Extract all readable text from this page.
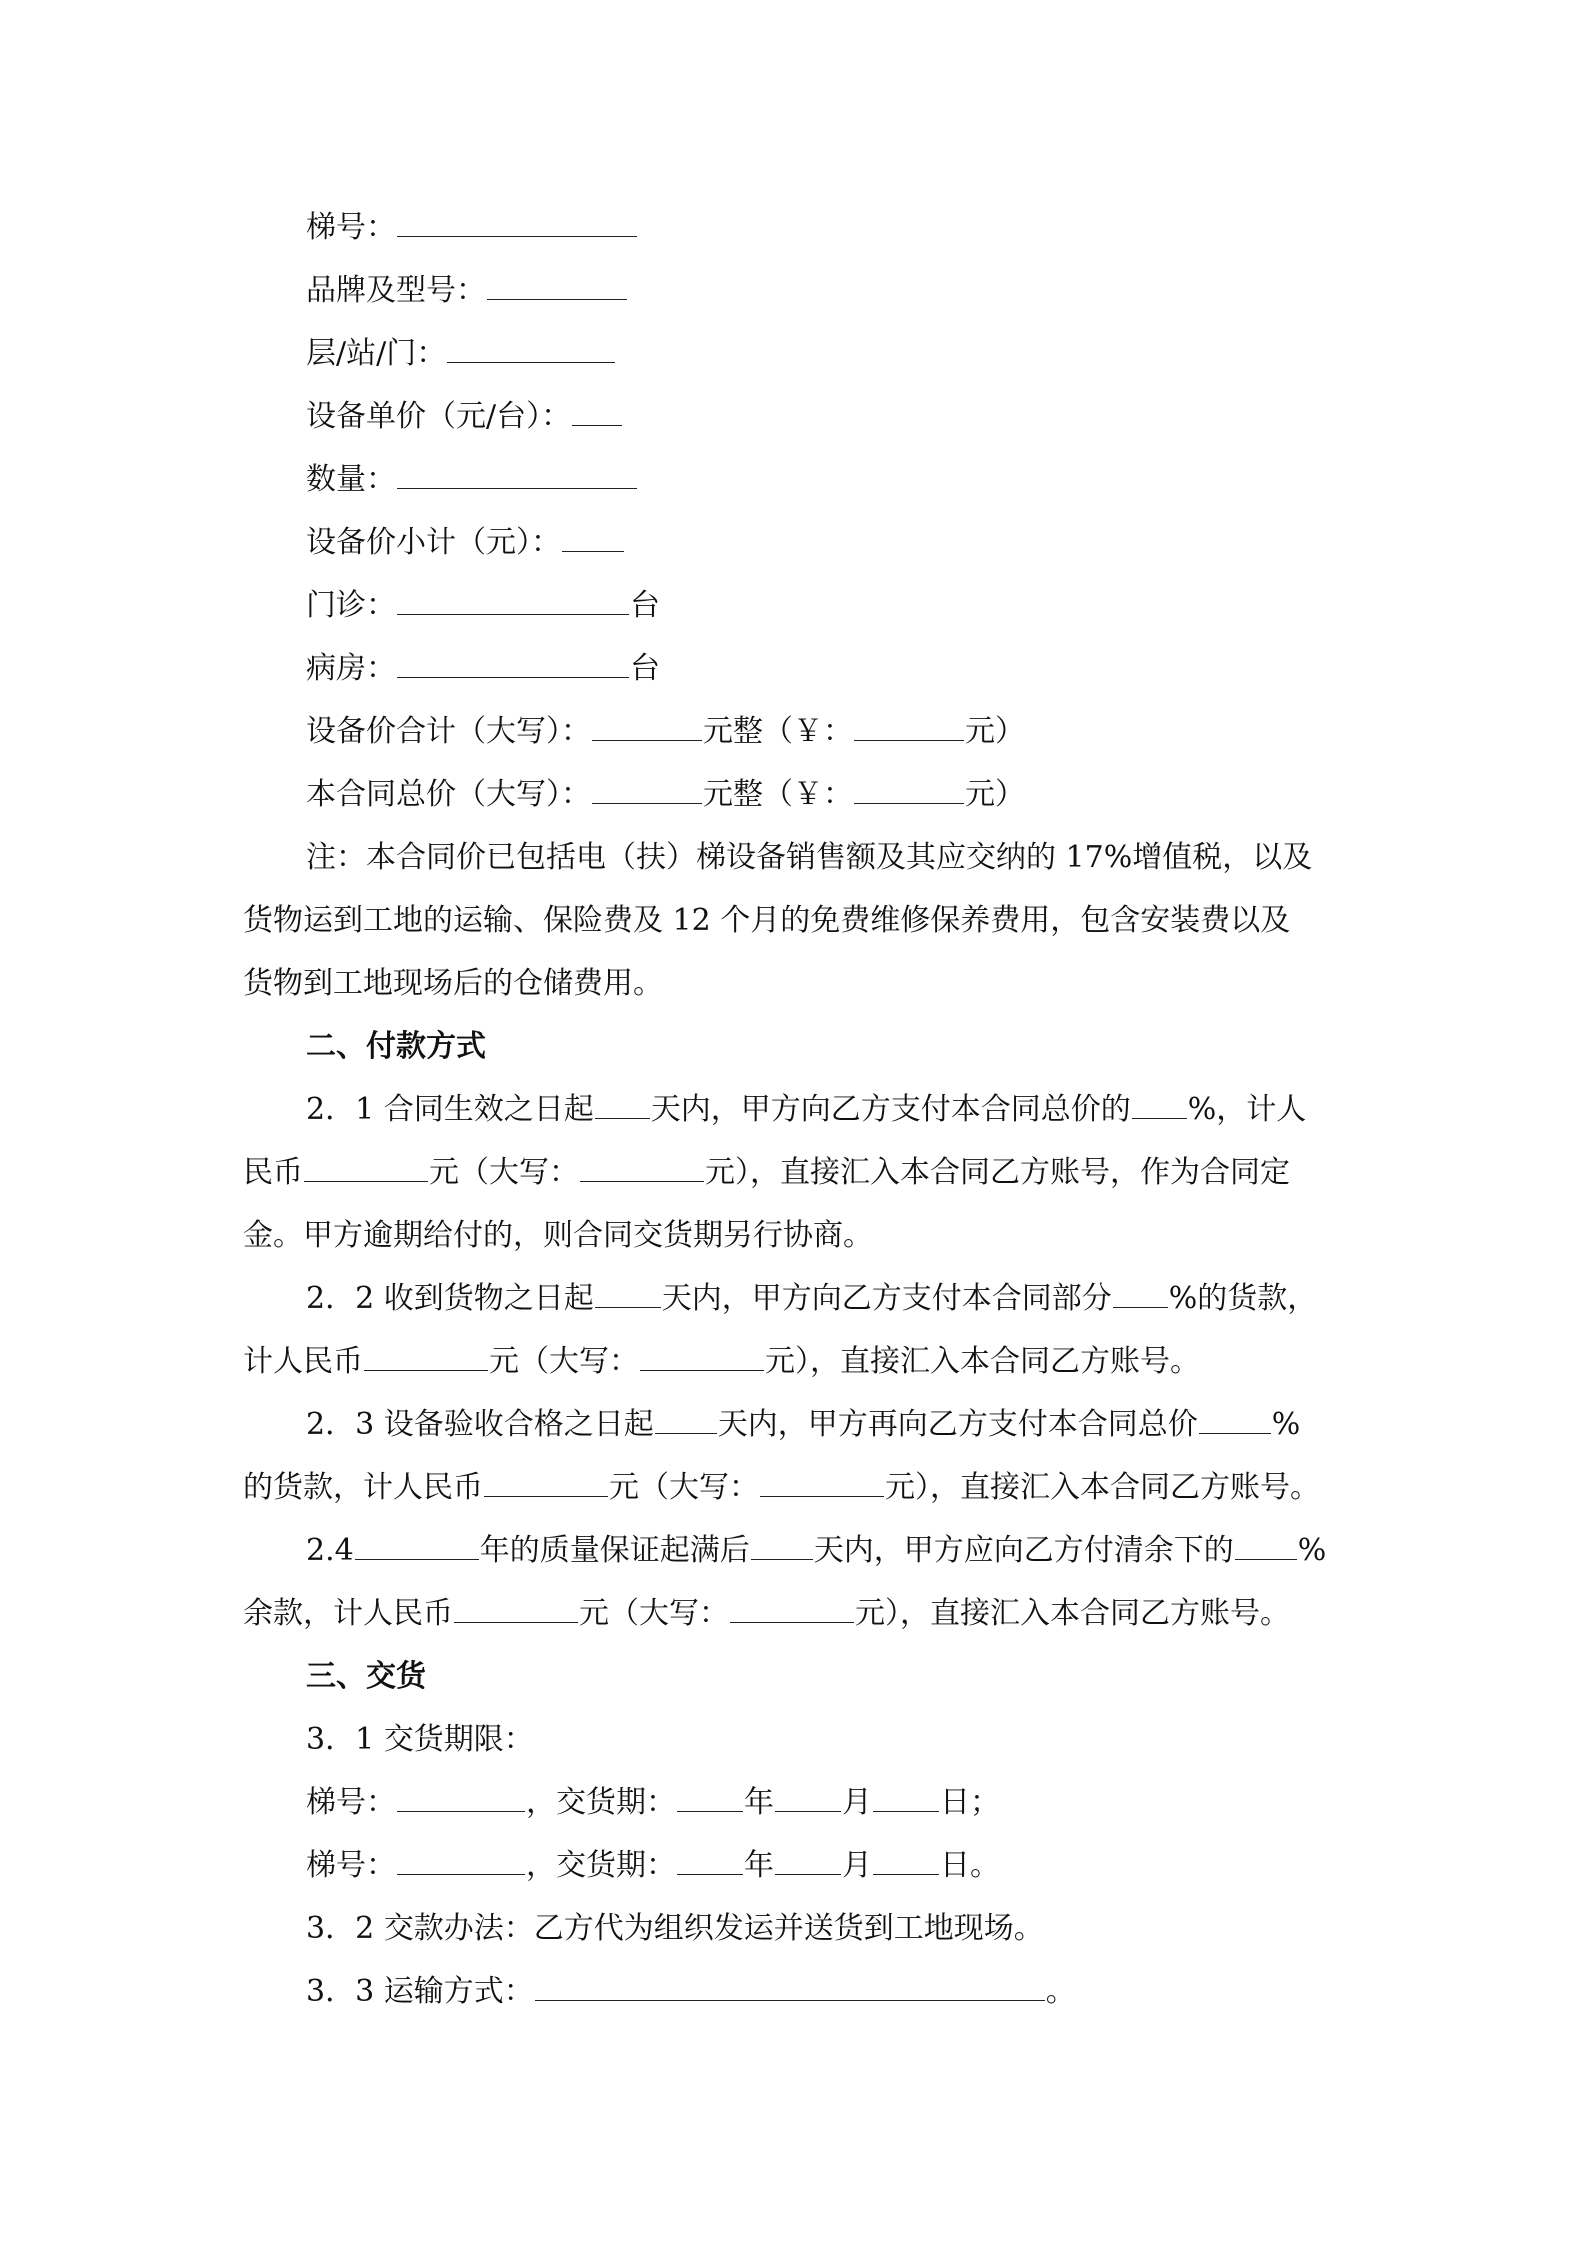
梯号：
品牌及型号：
层/站/门：
设备单价（元/台）：
数量：
设备价小计（元）：
门诊：	台
病房：	台
设备价合计（大写）：	元整（￥：	元）
本合同总价（大写）：	元整（￥：	元）
注：本合同价已包括电（扶）梯设备销售额及其应交纳的 17%增值税，以及
货物运到工地的运输、保险费及 12 个月的免费维修保养费用，包含安装费以及
货物到工地现场后的仓储费用。
二、付款方式
2．1 合同生效之日起 天内，甲方向乙方支付本合同总价的 %，计人
民币	元（大写：	元），直接汇入本合同乙方账号，作为合同定
金。甲方逾期给付的，则合同交货期另行协商。
2．2 收到货物之日起 天内，甲方向乙方支付本合同部分 %的货款，
计人民币	元（大写：	元），直接汇入本合同乙方账号。
2．3 设备验收合格之日起 天内，甲方再向乙方支付本合同总价 %
的货款，计人民币	元（大写：	元），直接汇入本合同乙方账号。
2.4	年的质量保证起满后 天内，甲方应向乙方付清余下的 %
余款，计人民币	元（大写：	元），直接汇入本合同乙方账号。
三、交货
3．1 交货期限：
梯号：	，交货期： 年 月 日；
梯号：	，交货期： 年 月 日。
3．2 交款办法：乙方代为组织发运并送货到工地现场。
3．3 运输方式：	。
